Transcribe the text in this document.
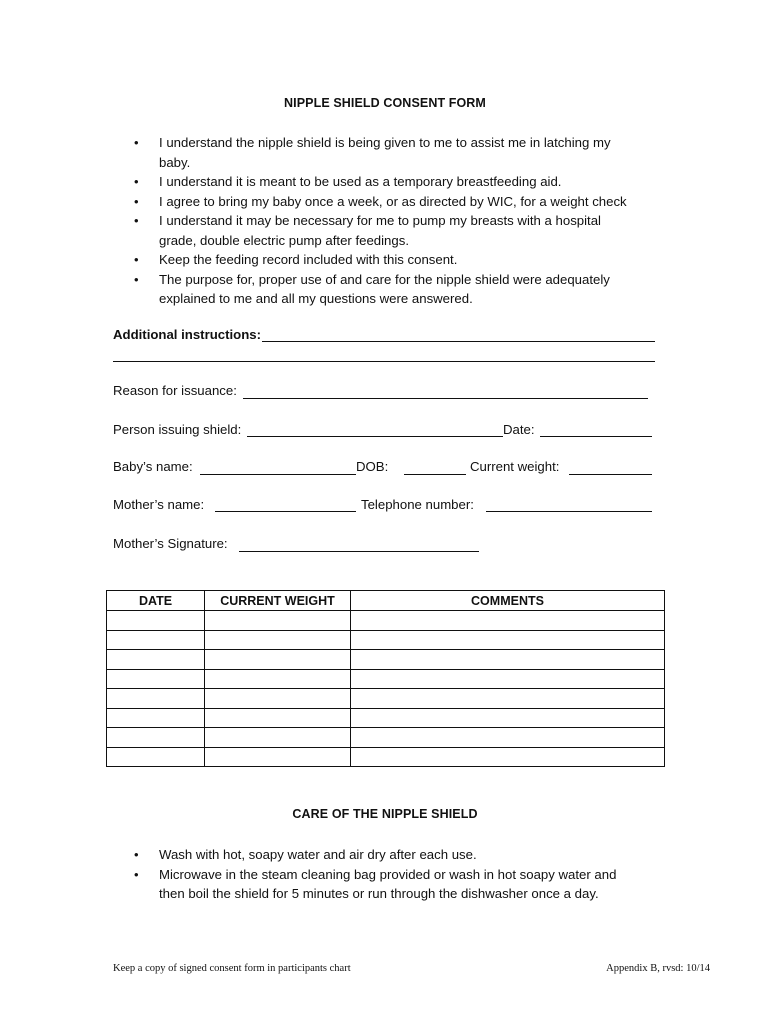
NIPPLE SHIELD CONSENT FORM
• I understand the nipple shield is being given to me to assist me in latching my
baby.
• I understand it is meant to be used as a temporary breastfeeding aid.
• I agree to bring my baby once a week, or as directed by WIC, for a weight check
• I understand it may be necessary for me to pump my breasts with a hospital
grade, double electric pump after feedings.
• Keep the feeding record included with this consent.
• The purpose for, proper use of and care for the nipple shield were adequately
explained to me and all my questions were answered.
Additional instructions:
Reason for issuance:
Person issuing shield:	Date:
Baby’s name:	DOB:	Current weight:
Mother’s name:	Telephone number:
Mother’s Signature:
DATE	CURRENT WEIGHT	COMMENTS

CARE OF THE NIPPLE SHIELD
• Wash with hot, soapy water and air dry after each use.
• Microwave in the steam cleaning bag provided or wash in hot soapy water and
then boil the shield for 5 minutes or run through the dishwasher once a day.
Keep a copy of signed consent form in participants chart	Appendix B, rvsd: 10/14
